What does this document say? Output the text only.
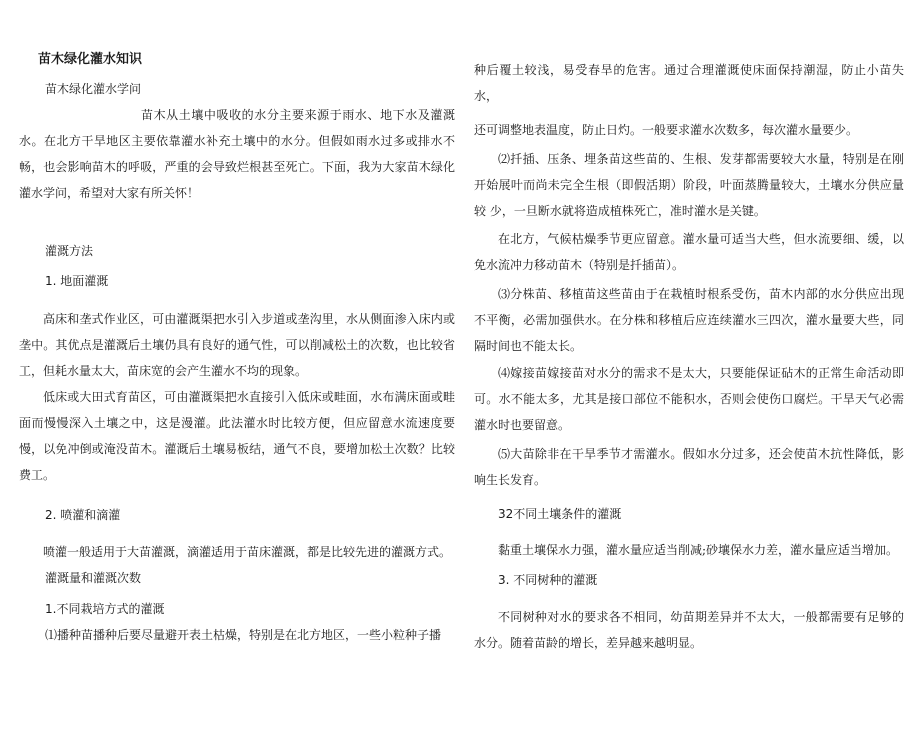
苗木绿化灌水知识

苗木绿化灌水学问

苗木从土壤中吸收的水分主要来源于雨水、地下水及灌溉水。在北方干旱地区主要依靠灌水补充土壤中的水分。但假如雨水过多或排水不畅，也会影响苗木的呼吸，严重的会导致烂根甚至死亡。下面，我为大家苗木绿化灌水学问，希望对大家有所关怀！

灌溉方法

1. 地面灌溉

高床和垄式作业区，可由灌溉渠把水引入步道或垄沟里，水从侧面渗入床内或垄中。其优点是灌溉后土壤仍具有良好的通气性，可以削减松土的次数，也比较省工，但耗水量太大，苗床宽的会产生灌水不均的现象。

低床或大田式育苗区，可由灌溉渠把水直接引入低床或畦面，水布满床面或畦面而慢慢深入土壤之中，这是漫灌。此法灌水时比较方便，但应留意水流速度要慢，以免冲倒或淹没苗木。灌溉后土壤易板结，通气不良，要增加松土次数？比较费工。

2. 喷灌和滴灌

喷灌一般适用于大苗灌溉，滴灌适用于苗床灌溉，都是比较先进的灌溉方式。

灌溉量和灌溉次数

1.不同栽培方式的灌溉

⑴播种苗播种后要尽量避开表土枯燥，特别是在北方地区，一些小粒种子播

种后覆土较浅，易受春旱的危害。通过合理灌溉使床面保持潮湿，防止小苗失水，

还可调整地表温度，防止日灼。一般要求灌水次数多，每次灌水量要少。

⑵扦插、压条、埋条苗这些苗的、生根、发芽都需要较大水量，特别是在刚开始展叶而尚未完全生根（即假活期）阶段，叶面蒸腾量较大，土壤水分供应量较 少，一旦断水就将造成植株死亡，准时灌水是关键。

在北方，气候枯燥季节更应留意。灌水量可适当大些，但水流要细、缓，以免水流冲力移动苗木（特别是扦插苗）。

⑶分株苗、移植苗这些苗由于在栽植时根系受伤，苗木内部的水分供应出现不平衡，必需加强供水。在分株和移植后应连续灌水三四次，灌水量要大些，同隔时间也不能太长。

⑷嫁接苗嫁接苗对水分的需求不是太大，只要能保证砧木的正常生命活动即可。水不能太多，尤其是接口部位不能积水，否则会使伤口腐烂。干旱天气必需灌水时也要留意。

⑸大苗除非在干旱季节才需灌水。假如水分过多，还会使苗木抗性降低，影响生长发育。

32不同土壤条件的灌溉

黏重土壤保水力强，灌水量应适当削减;砂壤保水力差，灌水量应适当增加。

3. 不同树种的灌溉

不同树种对水的要求各不相同，幼苗期差异并不太大，一般都需要有足够的水分。随着苗龄的增长，差异越来越明显。
